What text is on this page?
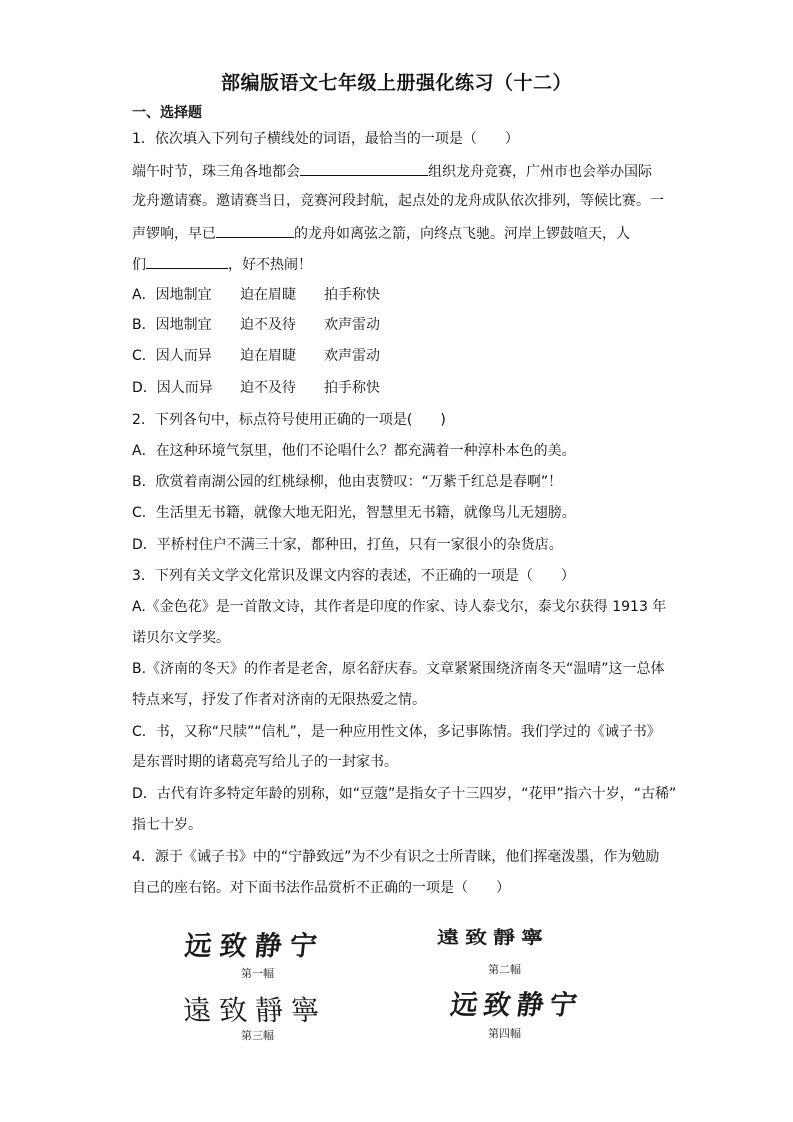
部编版语文七年级上册强化练习（十二）
一、选择题
1．依次填入下列句子横线处的词语，最恰当的一项是（　　）
端午时节，珠三角各地都会	组织龙舟竞赛，广州市也会举办国际
龙舟邀请赛。邀请赛当日，竞赛河段封航，起点处的龙舟成队依次排列，等候比赛。一
声锣响，早已	的龙舟如离弦之箭，向终点飞驰。河岸上锣鼓喧天，人
们	，好不热闹！
A．因地制宜 迫在眉睫 拍手称快
B．因地制宜 迫不及待 欢声雷动
C．因人而异 迫在眉睫 欢声雷动
D．因人而异 迫不及待 拍手称快
2．下列各句中，标点符号使用正确的一项是(　　)
A．在这种环境气氛里，他们不论唱什么？都充满着一种淳朴本色的美。
B．欣赏着南湖公园的红桃绿柳，他由衷赞叹：“万紫千红总是春啊”！
C．生活里无书籍，就像大地无阳光，智慧里无书籍，就像鸟儿无翅膀。
D．平桥村住户不满三十家，都种田，打鱼，只有一家很小的杂货店。
3．下列有关文学文化常识及课文内容的表述，不正确的一项是（　　）
A.《金色花》是一首散文诗，其作者是印度的作家、诗人泰戈尔，泰戈尔获得 1913 年
诺贝尔文学奖。
B.《济南的冬天》的作者是老舍，原名舒庆春。文章紧紧围绕济南冬天“温晴”这一总体
特点来写，抒发了作者对济南的无限热爱之情。
C．书，又称“尺牍”“信札”，是一种应用性文体，多记事陈情。我们学过的《诫子书》
是东晋时期的诸葛亮写给儿子的一封家书。
D．古代有许多特定年龄的别称，如“豆蔻”是指女子十三四岁，“花甲”指六十岁，“古稀”
指七十岁。
4．源于《诫子书》中的“宁静致远”为不少有识之士所青睐，他们挥毫泼墨，作为勉励
自己的座右铭。对下面书法作品赏析不正确的一项是（　　）
远致静宁
第一幅
遠致靜寧
第二幅
遠致靜寧
第三幅
远致静宁
第四幅
